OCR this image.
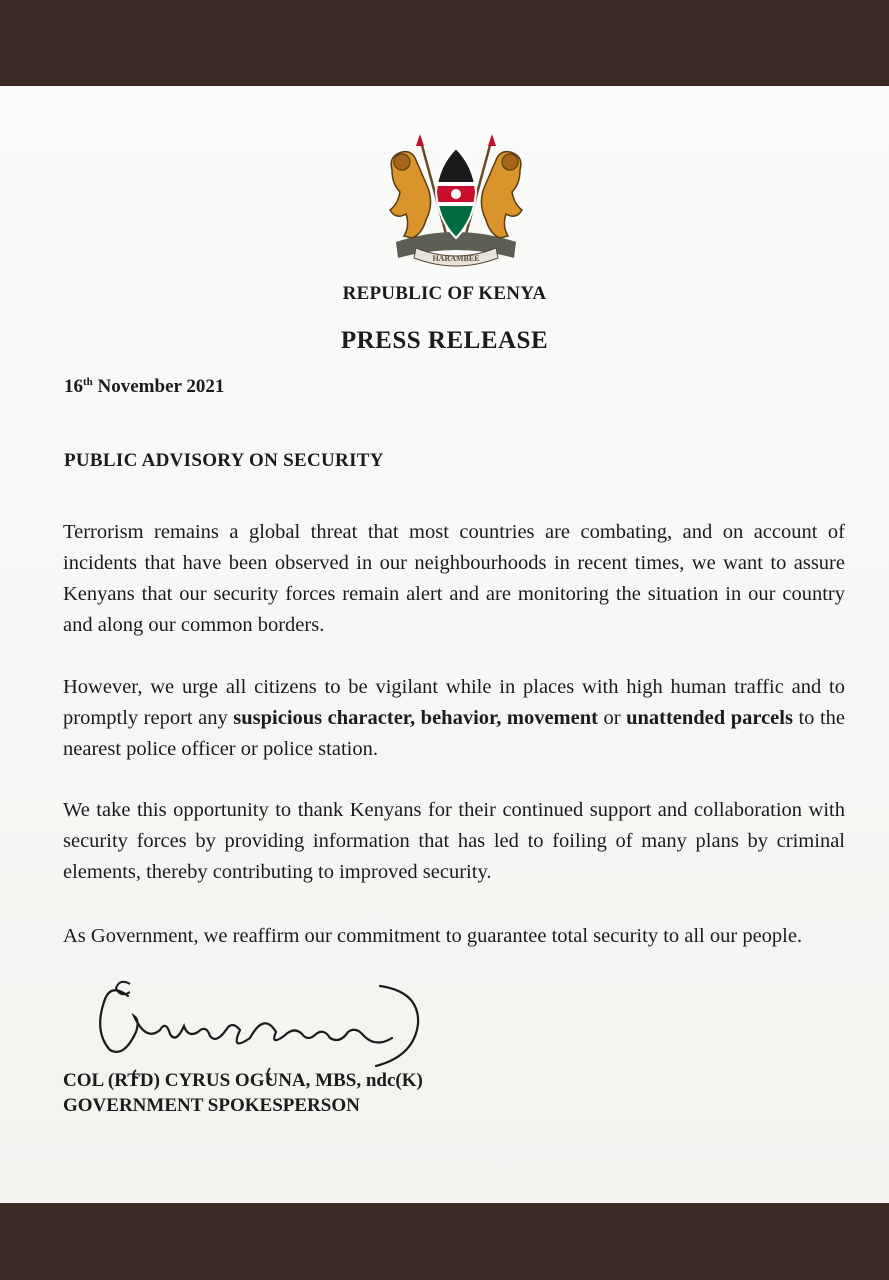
HARAMBEE
REPUBLIC OF KENYA
PRESS RELEASE
16th November 2021
PUBLIC ADVISORY ON SECURITY
Terrorism remains a global threat that most countries are combating, and on account of incidents that have been observed in our neighbourhoods in recent times, we want to assure Kenyans that our security forces remain alert and are monitoring the situation in our country and along our common borders.
However, we urge all citizens to be vigilant while in places with high human traffic and to promptly report any suspicious character, behavior, movement or unattended parcels to the nearest police officer or police station.
We take this opportunity to thank Kenyans for their continued support and collaboration with security forces by providing information that has led to foiling of many plans by criminal elements, thereby contributing to improved security.
As Government, we reaffirm our commitment to guarantee total security to all our people.
COL (RTD) CYRUS OGUNA, MBS, ndc(K)
GOVERNMENT SPOKESPERSON
